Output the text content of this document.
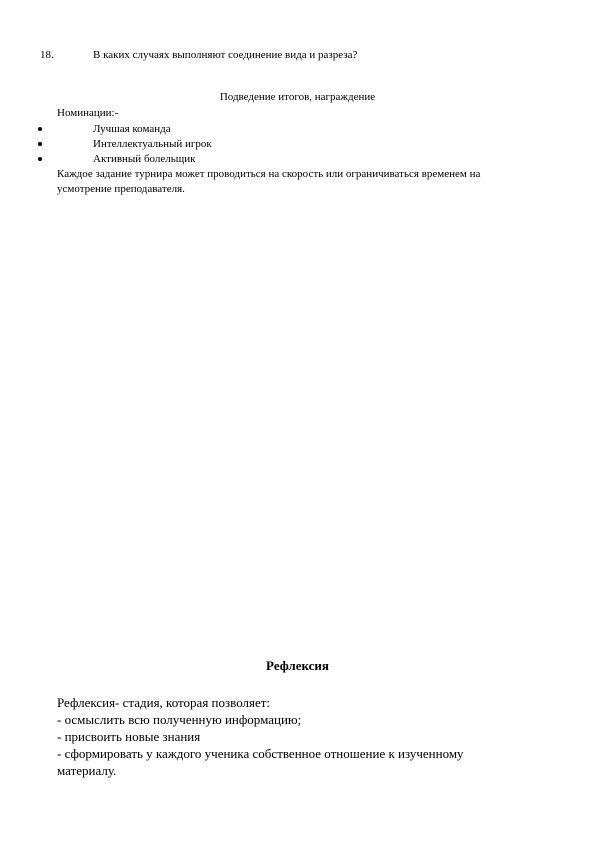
18.	В каких случаях выполняют соединение вида и разреза?
Подведение итогов, награждение
Номинации:-
Лучшая команда
Интеллектуальный игрок
Активный болельщик
Каждое задание турнира может проводиться на скорость или ограничиваться временем на
усмотрение преподавателя.
Рефлексия
Рефлексия- стадия, которая позволяет:
- осмыслить всю полученную информацию;
- присвоить новые знания
- сформировать у каждого ученика собственное отношение к изученному
материалу.
